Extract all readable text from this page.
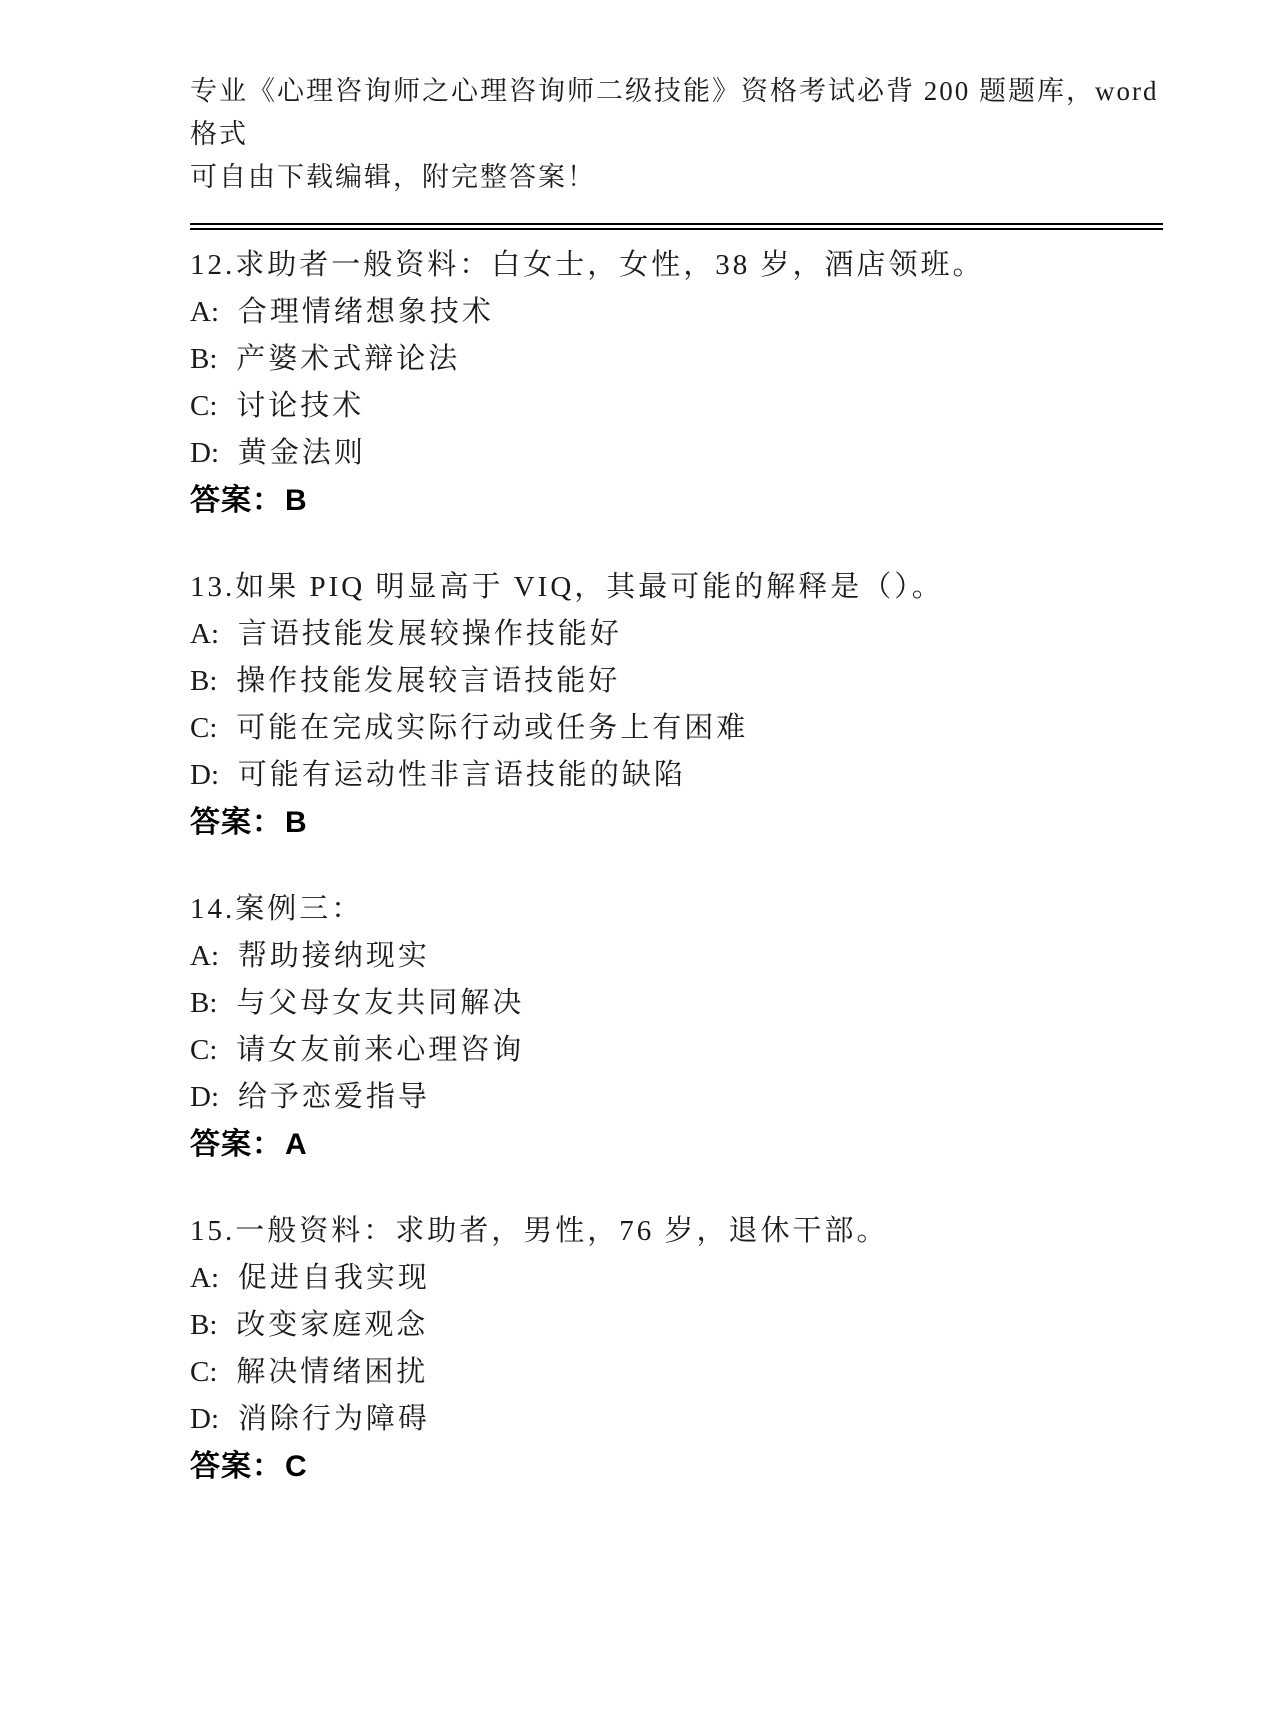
专业《心理咨询师之心理咨询师二级技能》资格考试必背 200 题题库，word 格式
可自由下载编辑，附完整答案！
12.求助者一般资料：白女士，女性，38 岁，酒店领班。
A: 合理情绪想象技术
B: 产婆术式辩论法
C: 讨论技术
D: 黄金法则
答案：B
13.如果 PIQ 明显高于 VIQ，其最可能的解释是（）。
A: 言语技能发展较操作技能好
B: 操作技能发展较言语技能好
C: 可能在完成实际行动或任务上有困难
D: 可能有运动性非言语技能的缺陷
答案：B
14.案例三：
A: 帮助接纳现实
B: 与父母女友共同解决
C: 请女友前来心理咨询
D: 给予恋爱指导
答案：A
15.一般资料：求助者，男性，76 岁，退休干部。
A: 促进自我实现
B: 改变家庭观念
C: 解决情绪困扰
D: 消除行为障碍
答案：C
